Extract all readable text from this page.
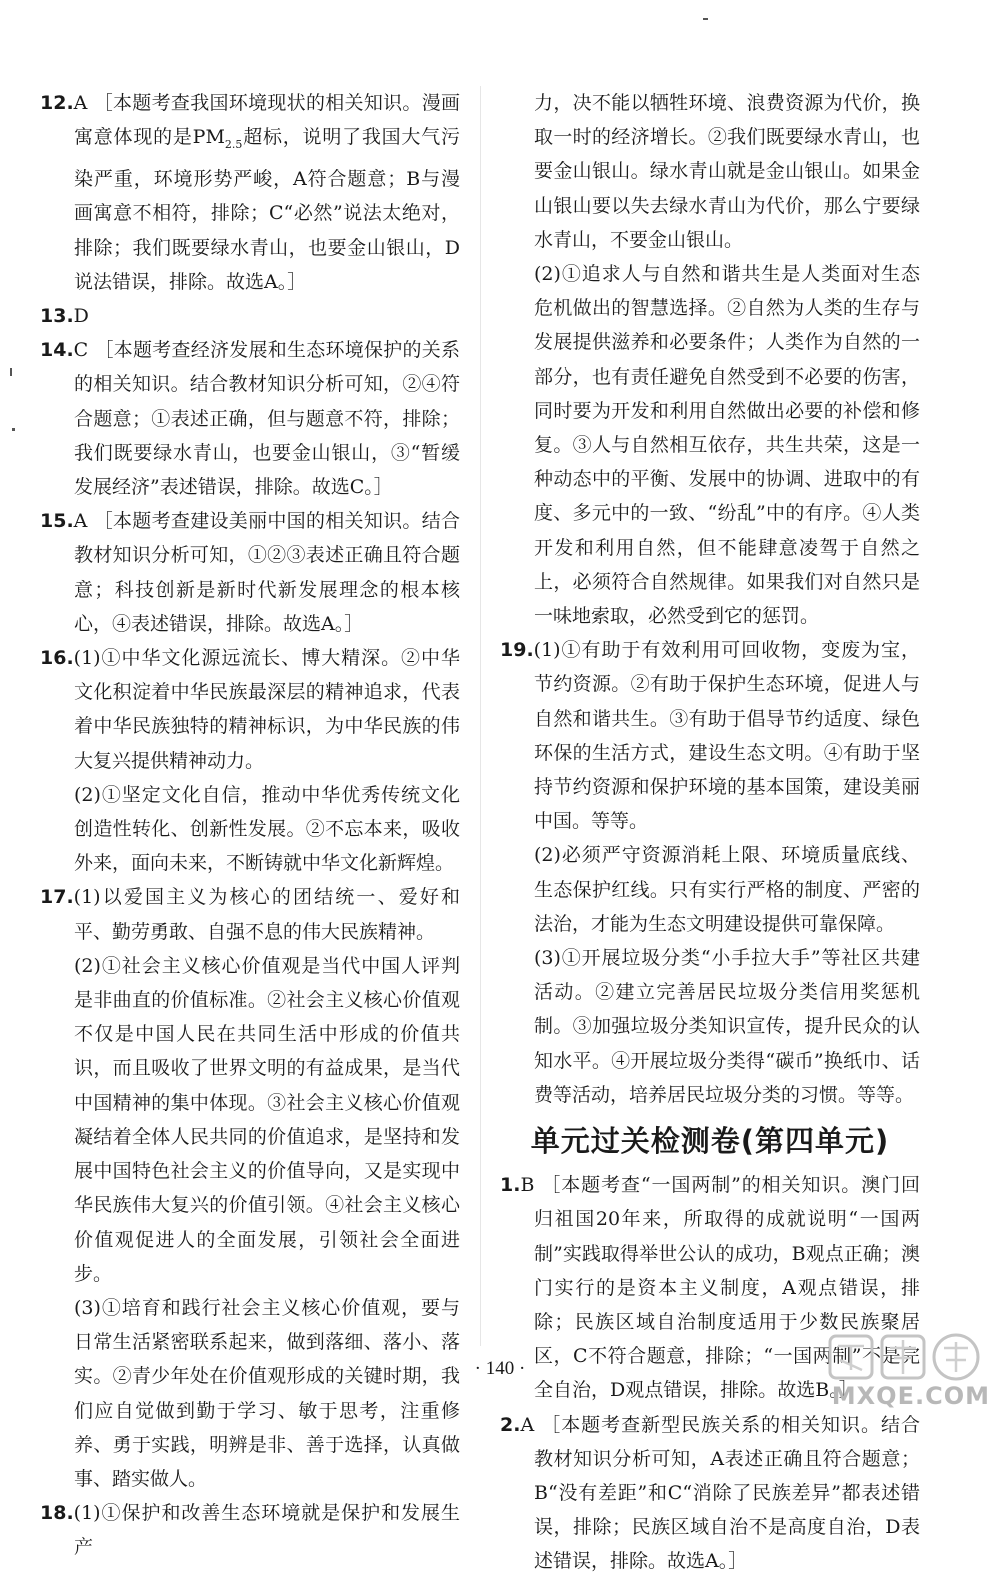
12.A ［本题考查我国环境现状的相关知识。漫画寓意体现的是$PM_{2.5}$超标，说明了我国大气污染严重，环境形势严峻，A符合题意；B与漫画寓意不相符，排除；C“必然”说法太绝对，排除；我们既要绿水青山，也要金山银山，D说法错误，排除。故选A。］

13.D

14.C ［本题考查经济发展和生态环境保护的关系的相关知识。结合教材知识分析可知，②④符合题意；①表述正确，但与题意不符，排除；我们既要绿水青山，也要金山银山，③“暂缓发展经济”表述错误，排除。故选C。］

15.A ［本题考查建设美丽中国的相关知识。结合教材知识分析可知，①②③表述正确且符合题意；科技创新是新时代新发展理念的根本核心，④表述错误，排除。故选A。］

16.(1)①中华文化源远流长、博大精深。②中华文化积淀着中华民族最深层的精神追求，代表着中华民族独特的精神标识，为中华民族的伟大复兴提供精神动力。

(2)①坚定文化自信，推动中华优秀传统文化创造性转化、创新性发展。②不忘本来，吸收外来，面向未来，不断铸就中华文化新辉煌。

17.(1)以爱国主义为核心的团结统一、爱好和平、勤劳勇敢、自强不息的伟大民族精神。

(2)①社会主义核心价值观是当代中国人评判是非曲直的价值标准。②社会主义核心价值观不仅是中国人民在共同生活中形成的价值共识，而且吸收了世界文明的有益成果，是当代中国精神的集中体现。③社会主义核心价值观凝结着全体人民共同的价值追求，是坚持和发展中国特色社会主义的价值导向，又是实现中华民族伟大复兴的价值引领。④社会主义核心价值观促进人的全面发展，引领社会全面进步。

(3)①培育和践行社会主义核心价值观，要与日常生活紧密联系起来，做到落细、落小、落实。②青少年处在价值观形成的关键时期，我们应自觉做到勤于学习、敏于思考，注重修养、勇于实践，明辨是非、善于选择，认真做事、踏实做人。

18.(1)①保护和改善生态环境就是保护和发展生产

力，决不能以牺牲环境、浪费资源为代价，换取一时的经济增长。②我们既要绿水青山，也要金山银山。绿水青山就是金山银山。如果金山银山要以失去绿水青山为代价，那么宁要绿水青山，不要金山银山。

(2)①追求人与自然和谐共生是人类面对生态危机做出的智慧选择。②自然为人类的生存与发展提供滋养和必要条件；人类作为自然的一部分，也有责任避免自然受到不必要的伤害，同时要为开发和利用自然做出必要的补偿和修复。③人与自然相互依存，共生共荣，这是一种动态中的平衡、发展中的协调、进取中的有度、多元中的一致、“纷乱”中的有序。④人类开发和利用自然，但不能肆意凌驾于自然之上，必须符合自然规律。如果我们对自然只是一味地索取，必然受到它的惩罚。

19.(1)①有助于有效利用可回收物，变废为宝，节约资源。②有助于保护生态环境，促进人与自然和谐共生。③有助于倡导节约适度、绿色环保的生活方式，建设生态文明。④有助于坚持节约资源和保护环境的基本国策，建设美丽中国。等等。

(2)必须严守资源消耗上限、环境质量底线、生态保护红线。只有实行严格的制度、严密的法治，才能为生态文明建设提供可靠保障。

(3)①开展垃圾分类“小手拉大手”等社区共建活动。②建立完善居民垃圾分类信用奖惩机制。③加强垃圾分类知识宣传，提升民众的认知水平。④开展垃圾分类得“碳币”换纸巾、话费等活动，培养居民垃圾分类的习惯。等等。

单元过关检测卷(第四单元)

1.B ［本题考查“一国两制”的相关知识。澳门回归祖国20年来，所取得的成就说明“一国两制”实践取得举世公认的成功，B观点正确；澳门实行的是资本主义制度，A观点错误，排除；民族区域自治制度适用于少数民族聚居区，C不符合题意，排除；“一国两制”不是完全自治，D观点错误，排除。故选B。］

2.A ［本题考查新型民族关系的相关知识。结合教材知识分析可知，A表述正确且符合题意；B“没有差距”和C“消除了民族差异”都表述错误，排除；民族区域自治不是高度自治，D表述错误，排除。故选A。］

· 140 ·
MXQE.COM
